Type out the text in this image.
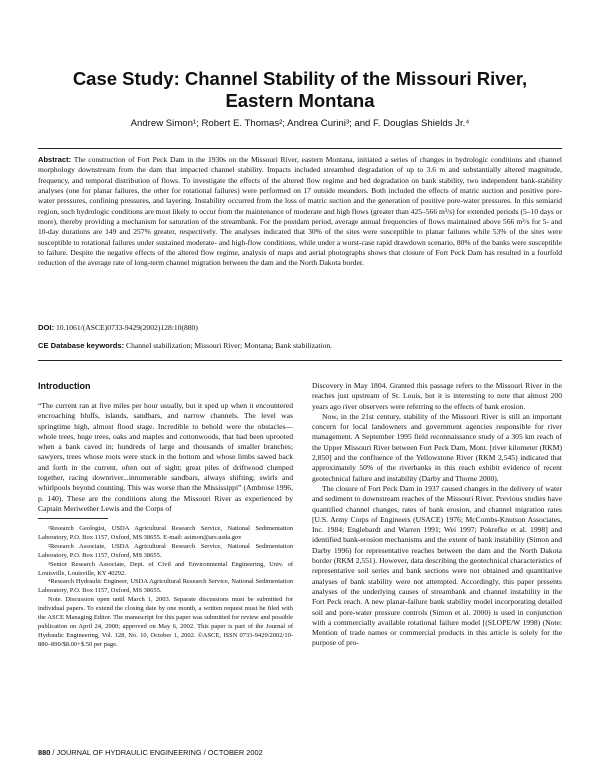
Case Study: Channel Stability of the Missouri River, Eastern Montana
Andrew Simon¹; Robert E. Thomas²; Andrea Curini³; and F. Douglas Shields Jr.⁴
Abstract: The construction of Fort Peck Dam in the 1930s on the Missouri River, eastern Montana, initiated a series of changes in hydrologic conditions and channel morphology downstream from the dam that impacted channel stability. Impacts included streambed degradation of up to 3.6 m and substantially altered magnitude, frequency, and temporal distribution of flows. To investigate the effects of the altered flow regime and bed degradation on bank stability, two independent bank-stability analyses (one for planar failures, the other for rotational failures) were performed on 17 outside meanders. Both included the effects of matric suction and positive pore-water pressures, confining pressures, and layering. Instability occurred from the loss of matric suction and the generation of positive pore-water pressures. In this semiarid region, such hydrologic conditions are most likely to occur from the maintenance of moderate and high flows (greater than 425–566 m³/s) for extended periods (5–10 days or more), thereby providing a mechanism for saturation of the streambank. For the postdam period, average annual frequencies of flows maintained above 566 m³/s for 5- and 10-day durations are 149 and 257% greater, respectively. The analyses indicated that 30% of the sites were susceptible to planar failures while 53% of the sites were susceptible to rotational failures under sustained moderate- and high-flow conditions, while under a worst-case rapid drawdown scenario, 80% of the banks were susceptible to failure. Despite the negative effects of the altered flow regime, analysis of maps and aerial photographs shows that closure of Fort Peck Dam has resulted in a fourfold reduction of the average rate of long-term channel migration between the dam and the North Dakota border.
DOI: 10.1061/(ASCE)0733-9429(2002)128:10(880)
CE Database keywords: Channel stabilization; Missouri River; Montana; Bank stabilization.
Introduction

“The current ran at five miles per hour usually, but it sped up when it encountered encroaching bluffs, islands, sandbars, and narrow channels. The level was springtime high, almost flood stage. Incredible to behold were the obstacles—whole trees, huge trees, oaks and maples and cottonwoods, that had been uprooted when a bank caved in; hundreds of large and thousands of smaller branches; sawyers, trees whose roots were stuck in the bottom and whose limbs sawed back and forth in the current, often out of sight; great piles of driftwood clumped together, racing downriver...innumerable sandbars, always shifting; swirls and whirlpools beyond counting. This was worse than the Mississippi” (Ambrose 1996, p. 140). These are the conditions along the Missouri River as experienced by Captain Meriwether Lewis and the Corps of

¹Research Geologist, USDA Agricultural Research Service, National Sedimentation Laboratory, P.O. Box 1157, Oxford, MS 38655. E-mail: asimon@ars.usda.gov

²Research Associate, USDA Agricultural Research Service, National Sedimentation Laboratory, P.O. Box 1157, Oxford, MS 38655.

³Senior Research Associate, Dept. of Civil and Environmental Engineering, Univ. of Louisville, Louisville, KY 40292.

⁴Research Hydraulic Engineer, USDA Agricultural Research Service, National Sedimentation Laboratory, P.O. Box 1157, Oxford, MS 38655.

Note. Discussion open until March 1, 2003. Separate discussions must be submitted for individual papers. To extend the closing date by one month, a written request must be filed with the ASCE Managing Editor. The manuscript for this paper was submitted for review and possible publication on April 24, 2000; approved on May 6, 2002. This paper is part of the Journal of Hydraulic Engineering, Vol. 128, No. 10, October 1, 2002. ©ASCE, ISSN 0733-9429/2002/10-880–890/$8.00+$.50 per page.

Discovery in May 1804. Granted this passage refers to the Missouri River in the reaches just upstream of St. Louis, but it is interesting to note that almost 200 years ago river observers were referring to the effects of bank erosion.

Now, in the 21st century, stability of the Missouri River is still an important concern for local landowners and government agencies responsible for river management. A September 1995 field reconnaissance study of a 305 km reach of the Upper Missouri River between Fort Peck Dam, Mont. [river kilometer (RKM) 2,850] and the confluence of the Yellowstone River (RKM 2,545) indicated that approximately 50% of the riverbanks in this reach exhibit evidence of recent geotechnical failure and instability (Darby and Thorne 2000).

The closure of Fort Peck Dam in 1937 caused changes in the delivery of water and sediment to downstream reaches of the Missouri River. Previous studies have quantified channel changes, rates of bank erosion, and channel migration rates [U.S. Army Corps of Engineers (USACE) 1976; McCombs-Knutson Associates, Inc. 1984; Englebardt and Warren 1991; Wei 1997; Pokrefke et al. 1998] and identified bank-erosion mechanisms and the extent of bank instability (Simon and Darby 1996) for representative reaches between the dam and the North Dakota border (RKM 2,551). However, data describing the geotechnical characteristics of representative soil series and bank sections were not obtained and quantitative analyses of bank stability were not attempted. Accordingly, this paper presents analyses of the underlying causes of streambank and channel instability in the Fort Peck reach. A new planar-failure bank stability model incorporating detailed soil and pore-water pressure controls (Simon et al. 2000) is used in conjunction with a commercially available rotational failure model [(SLOPE/W 1998) (Note: Mention of trade names or commercial products in this article is solely for the purpose of pro-

880 / JOURNAL OF HYDRAULIC ENGINEERING / OCTOBER 2002
